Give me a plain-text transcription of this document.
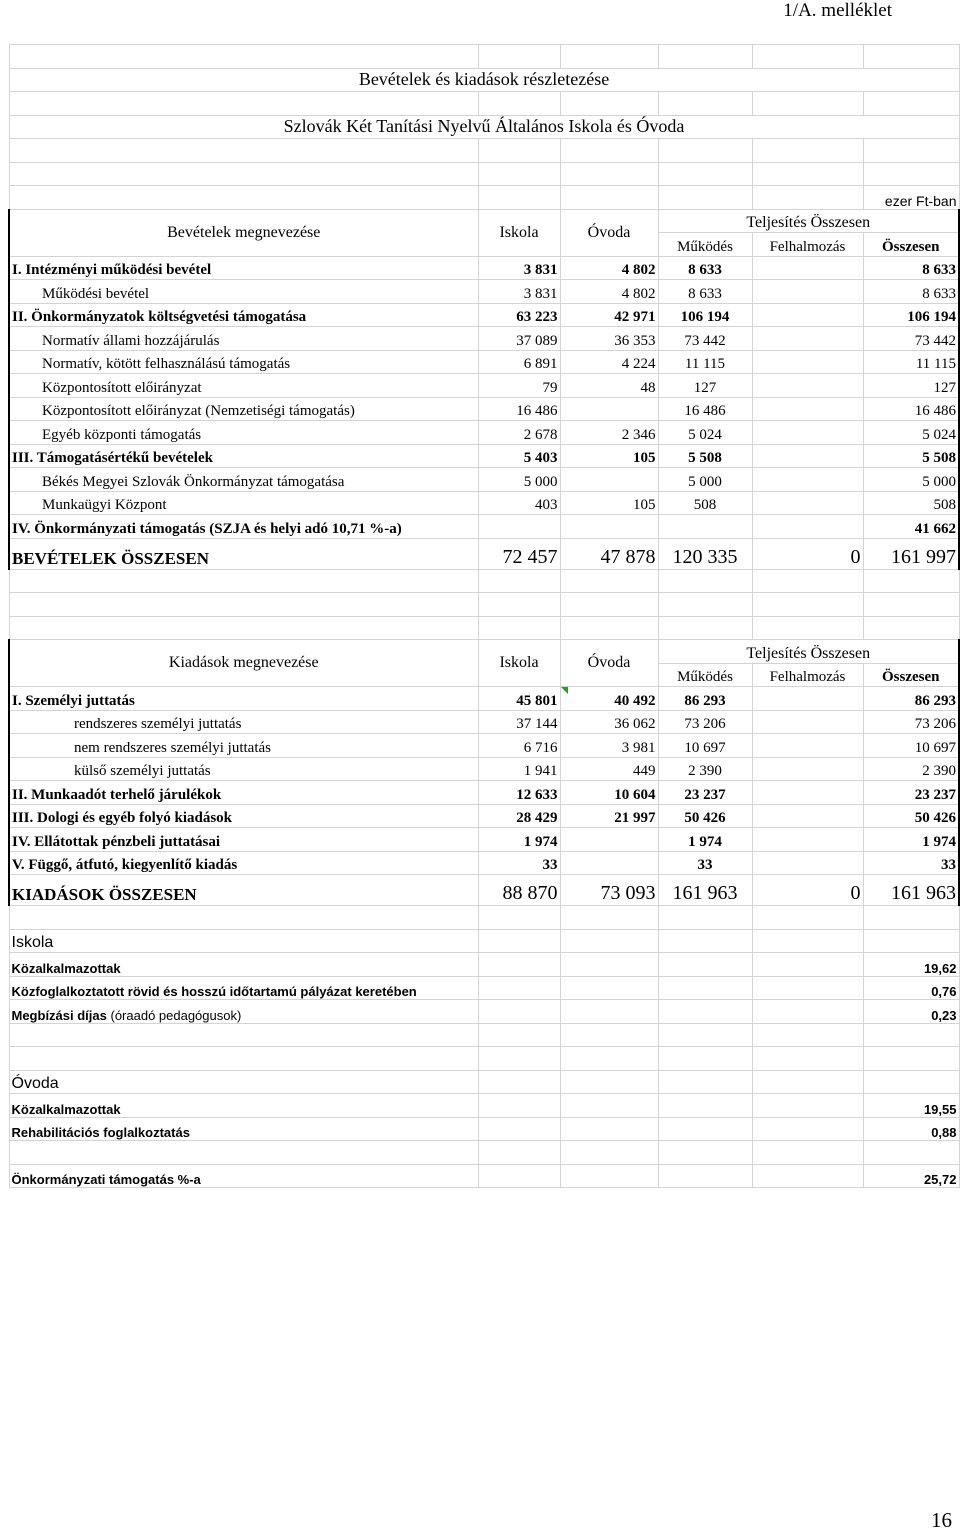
1/A. melléklet

Bevételek és kiadások részletezése					

Szlovák Két Tanítási Nyelvű Általános Iskola és Óvoda					

					ezer Ft-ban
Bevételek megnevezése	Iskola	Óvoda	Teljesítés Összesen		
			Működés	Felhalmozás	Összesen
I. Intézményi működési bevétel	3 831	4 802	8 633		8 633
Működési bevétel	3 831	4 802	8 633		8 633
II. Önkormányzatok költségvetési támogatása	63 223	42 971	106 194		106 194
Normatív állami hozzájárulás	37 089	36 353	73 442		73 442
Normatív, kötött felhasználású támogatás	6 891	4 224	11 115		11 115
Központosított előirányzat	79	48	127		127
Központosított előirányzat (Nemzetiségi támogatás)	16 486		16 486		16 486
Egyéb központi támogatás	2 678	2 346	5 024		5 024
III. Támogatásértékű bevételek	5 403	105	5 508		5 508
Békés Megyei Szlovák Önkormányzat támogatása	5 000		5 000		5 000
Munkaügyi Központ	403	105	508		508
IV. Önkormányzati támogatás (SZJA és helyi adó 10,71 %-a)					41 662
BEVÉTELEK ÖSSZESEN	72 457	47 878	120 335	0	161 997

Kiadások megnevezése	Iskola	Óvoda	Teljesítés Összesen		
			Működés	Felhalmozás	Összesen
I. Személyi juttatás	45 801	40 492	86 293		86 293
rendszeres személyi juttatás	37 144	36 062	73 206		73 206
nem rendszeres személyi juttatás	6 716	3 981	10 697		10 697
külső személyi juttatás	1 941	449	2 390		2 390
II. Munkaadót terhelő járulékok	12 633	10 604	23 237		23 237
III. Dologi és egyéb folyó kiadások	28 429	21 997	50 426		50 426
IV. Ellátottak pénzbeli juttatásai	1 974		1 974		1 974
V. Függő, átfutó, kiegyenlítő kiadás	33		33		33
KIADÁSOK ÖSSZESEN	88 870	73 093	161 963	0	161 963

Iskola					
Közalkalmazottak					19,62
Közfoglalkoztatott rövid és hosszú időtartamú pályázat keretében					0,76
Megbízási díjas (óraadó pedagógusok)					0,23

Óvoda					
Közalkalmazottak					19,55
Rehabilitációs foglalkoztatás					0,88

Önkormányzati támogatás %-a					25,72
16
